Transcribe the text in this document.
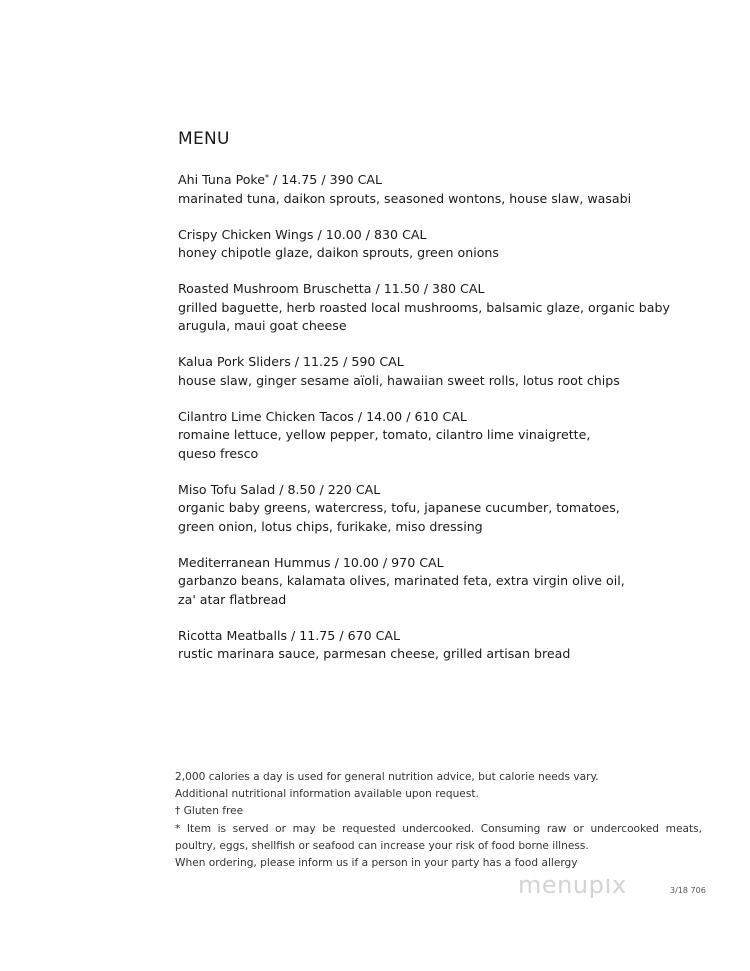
MENU
Ahi Tuna Poke* / 14.75 / 390 CAL
marinated tuna, daikon sprouts, seasoned wontons, house slaw, wasabi
Crispy Chicken Wings / 10.00 / 830 CAL
honey chipotle glaze, daikon sprouts, green onions
Roasted Mushroom Bruschetta / 11.50 / 380 CAL
grilled baguette, herb roasted local mushrooms, balsamic glaze, organic baby
arugula, maui goat cheese
Kalua Pork Sliders / 11.25 / 590 CAL
house slaw, ginger sesame aïoli, hawaiian sweet rolls, lotus root chips
Cilantro Lime Chicken Tacos / 14.00 / 610 CAL
romaine lettuce, yellow pepper, tomato, cilantro lime vinaigrette,
queso fresco
Miso Tofu Salad / 8.50 / 220 CAL
organic baby greens, watercress, tofu, japanese cucumber, tomatoes,
green onion, lotus chips, furikake, miso dressing
Mediterranean Hummus / 10.00 / 970 CAL
garbanzo beans, kalamata olives, marinated feta, extra virgin olive oil,
za' atar flatbread
Ricotta Meatballs / 11.75 / 670 CAL
rustic marinara sauce, parmesan cheese, grilled artisan bread
2,000 calories a day is used for general nutrition advice, but calorie needs vary.
Additional nutritional information available upon request.
† Gluten free
* Item is served or may be requested undercooked. Consuming raw or undercooked meats, poultry, eggs, shellfish or seafood can increase your risk of food borne illness.
When ordering, please inform us if a person in your party has a food allergy
menupıx	3/18 706
